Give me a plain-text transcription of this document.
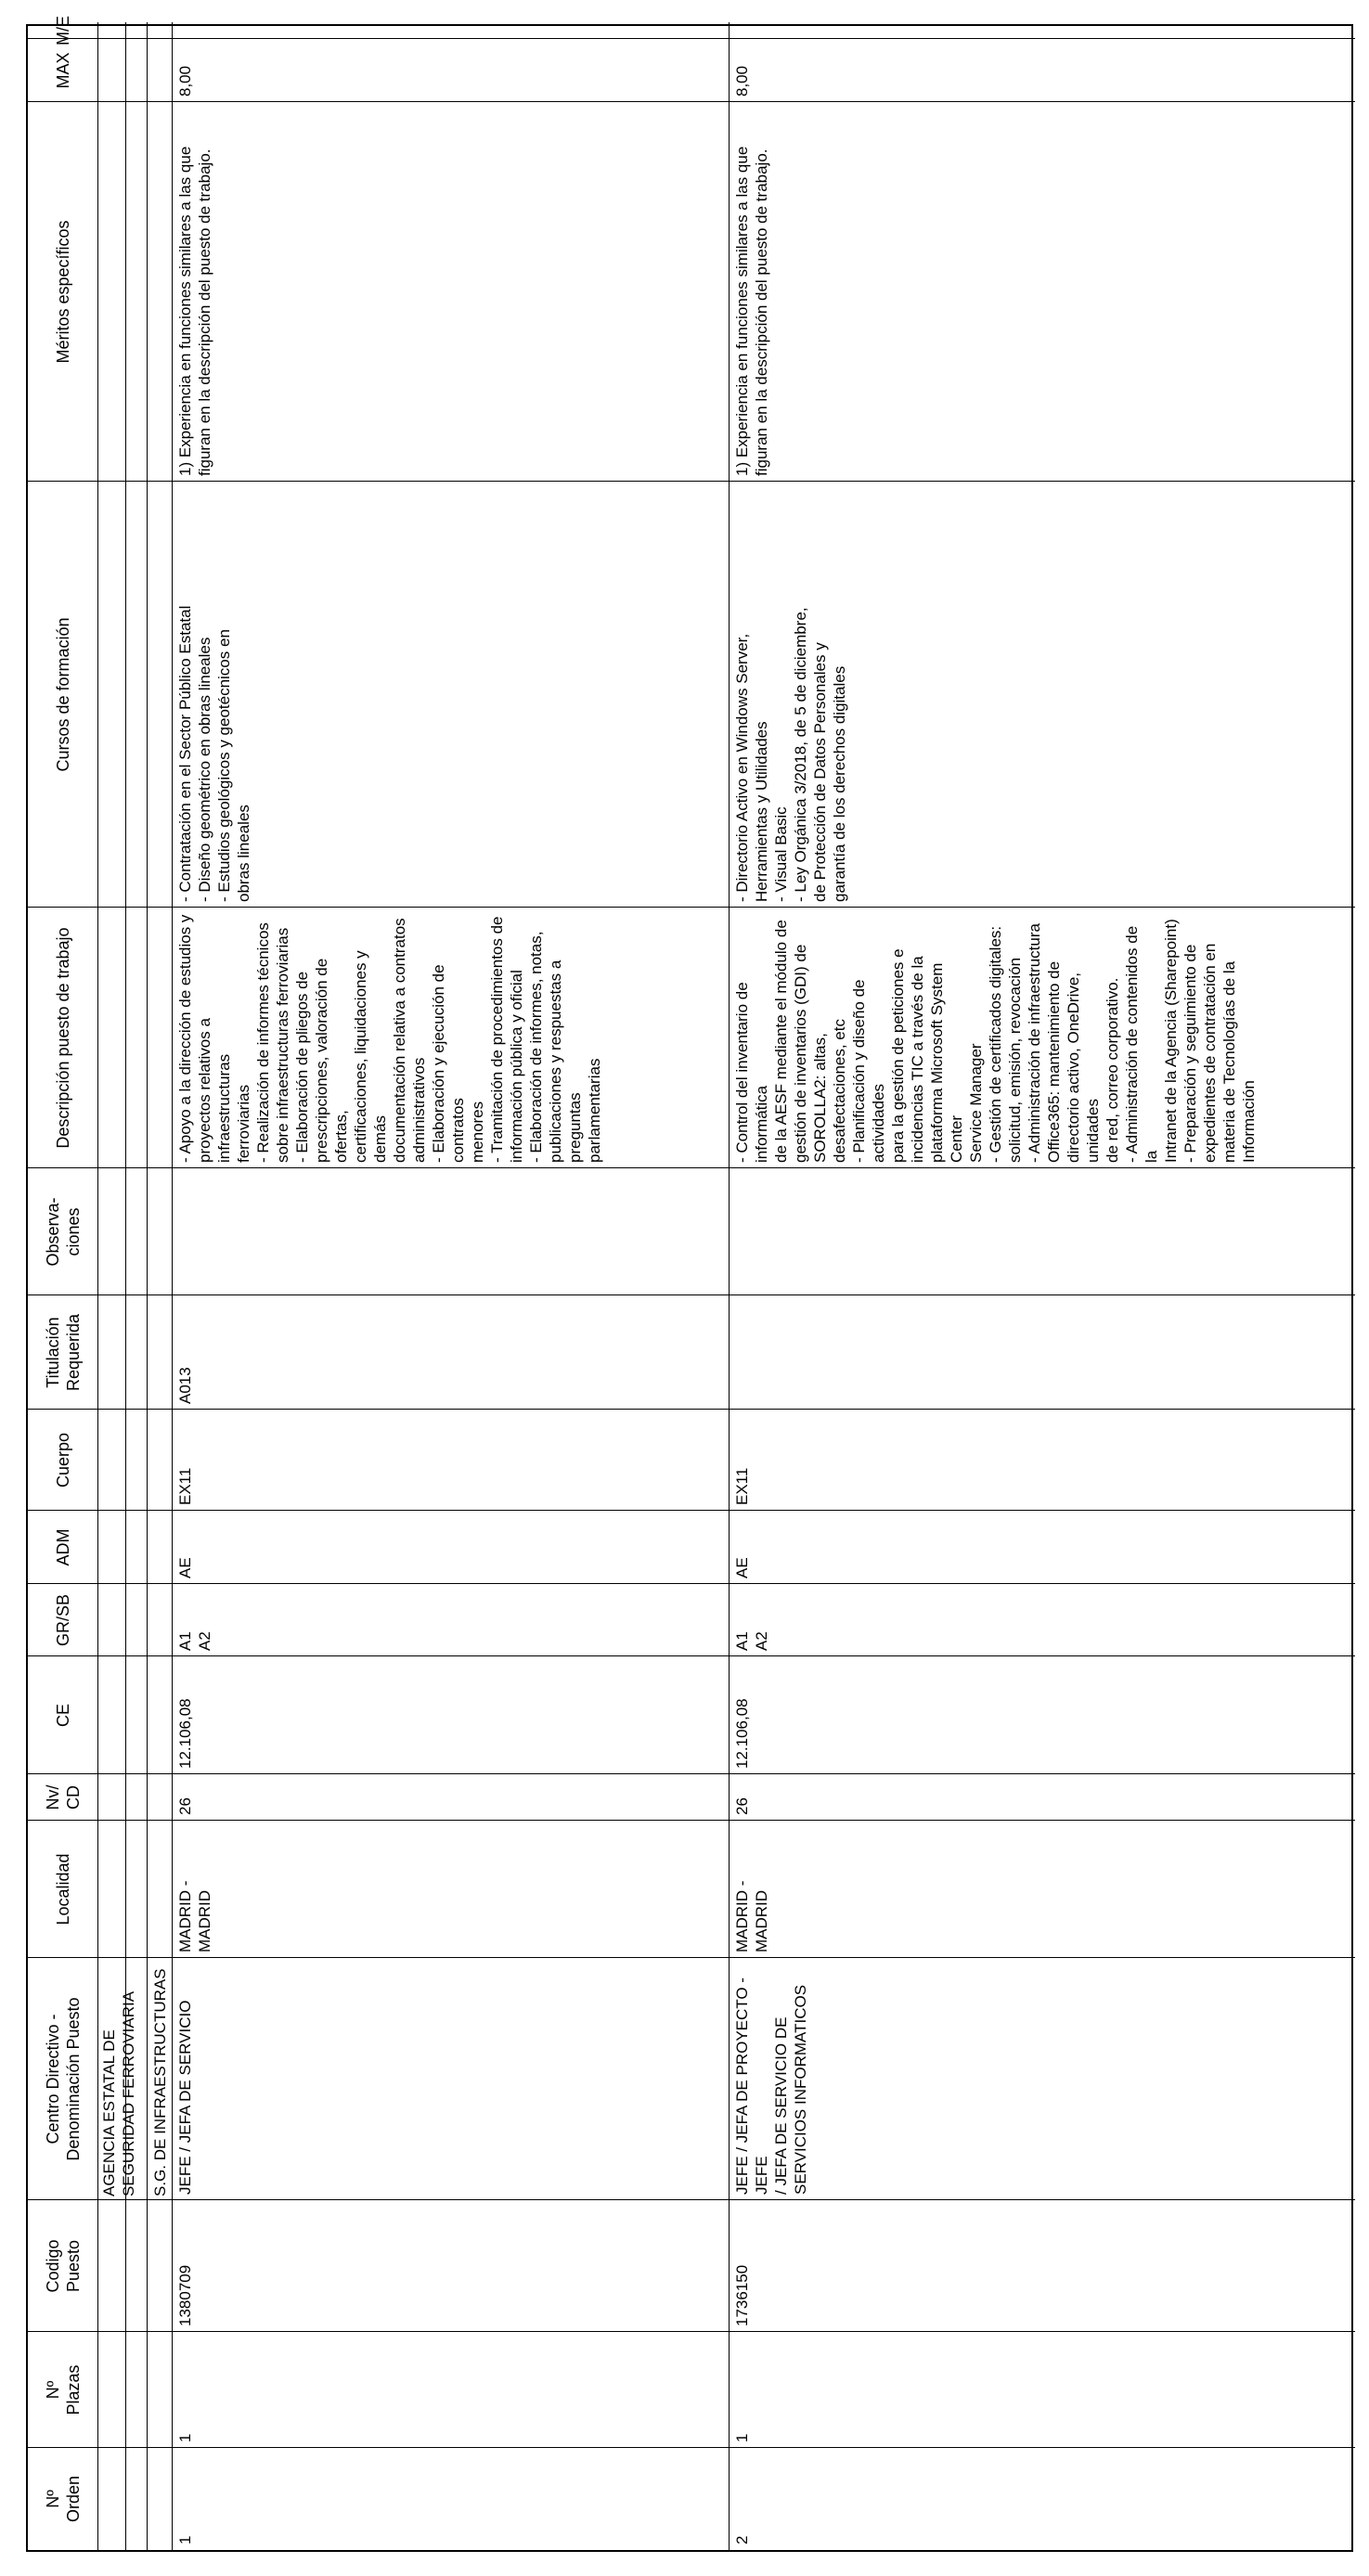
Nº
Orden
Nº
Plazas
Codigo
Puesto
Centro Directivo -
Denominación Puesto
Localidad
Nv/
CD
CE
GR/SB
ADM
Cuerpo
Titulación
Requerida
Observa-
ciones
Descripción puesto de trabajo
Cursos de formación
Méritos específicos
MAX
M/E
AGENCIA ESTATAL DE
SEGURIDAD FERROVIARIA S.G. DE INFRAESTRUCTURAS
1
1
1380709
JEFE / JEFA DE SERVICIO
MADRID -
MADRID
26
12.106,08
A1
A2
AE
EX11
A013
- Apoyo a la dirección de estudios y
proyectos relativos a infraestructuras
ferroviarias
- Realización de informes técnicos
sobre infraestructuras ferroviarias
- Elaboración de pliegos de
prescripciones, valoración de ofertas,
certificaciones, liquidaciones y demás
documentación relativa a contratos
administrativos
- Elaboración y ejecución de contratos
menores
- Tramitación de procedimientos de
información pública y oficial
- Elaboración de informes, notas,
publicaciones y respuestas a preguntas
parlamentarias
- Contratación en el Sector Público Estatal
- Diseño geométrico en obras lineales
- Estudios geológicos y geotécnicos en
obras lineales
1) Experiencia en funciones similares a las que
figuran en la descripción del puesto de trabajo.
8,00
2
1
1736150
JEFE / JEFA DE PROYECTO - JEFE
/ JEFA DE SERVICIO DE
SERVICIOS INFORMATICOS
MADRID -
MADRID
26
12.106,08
A1
A2
AE
EX11
- Control del inventario de informática
de la AESF mediante el módulo de
gestión de inventarios (GDI) de
SOROLLA2: altas, desafectaciones, etc
- Planificación y diseño de actividades
para la gestión de peticiones e
incidencias TIC a través de la
plataforma Microsoft System Center
Service Manager
- Gestión de certificados digitales:
solicitud, emisión, revocación
- Administración de infraestructura
Office365: mantenimiento de
directorio activo, OneDrive, unidades
de red, correo corporativo.
- Administración de contenidos de la
Intranet de la Agencia (Sharepoint)
- Preparación y seguimiento de
expedientes de contratación en
materia de Tecnologías de la
Información
- Directorio Activo en Windows Server,
Herramientas y Utilidades
- Visual Basic
- Ley Orgánica 3/2018, de 5 de diciembre,
de Protección de Datos Personales y
garantía de los derechos digitales
1) Experiencia en funciones similares a las que
figuran en la descripción del puesto de trabajo.
8,00
